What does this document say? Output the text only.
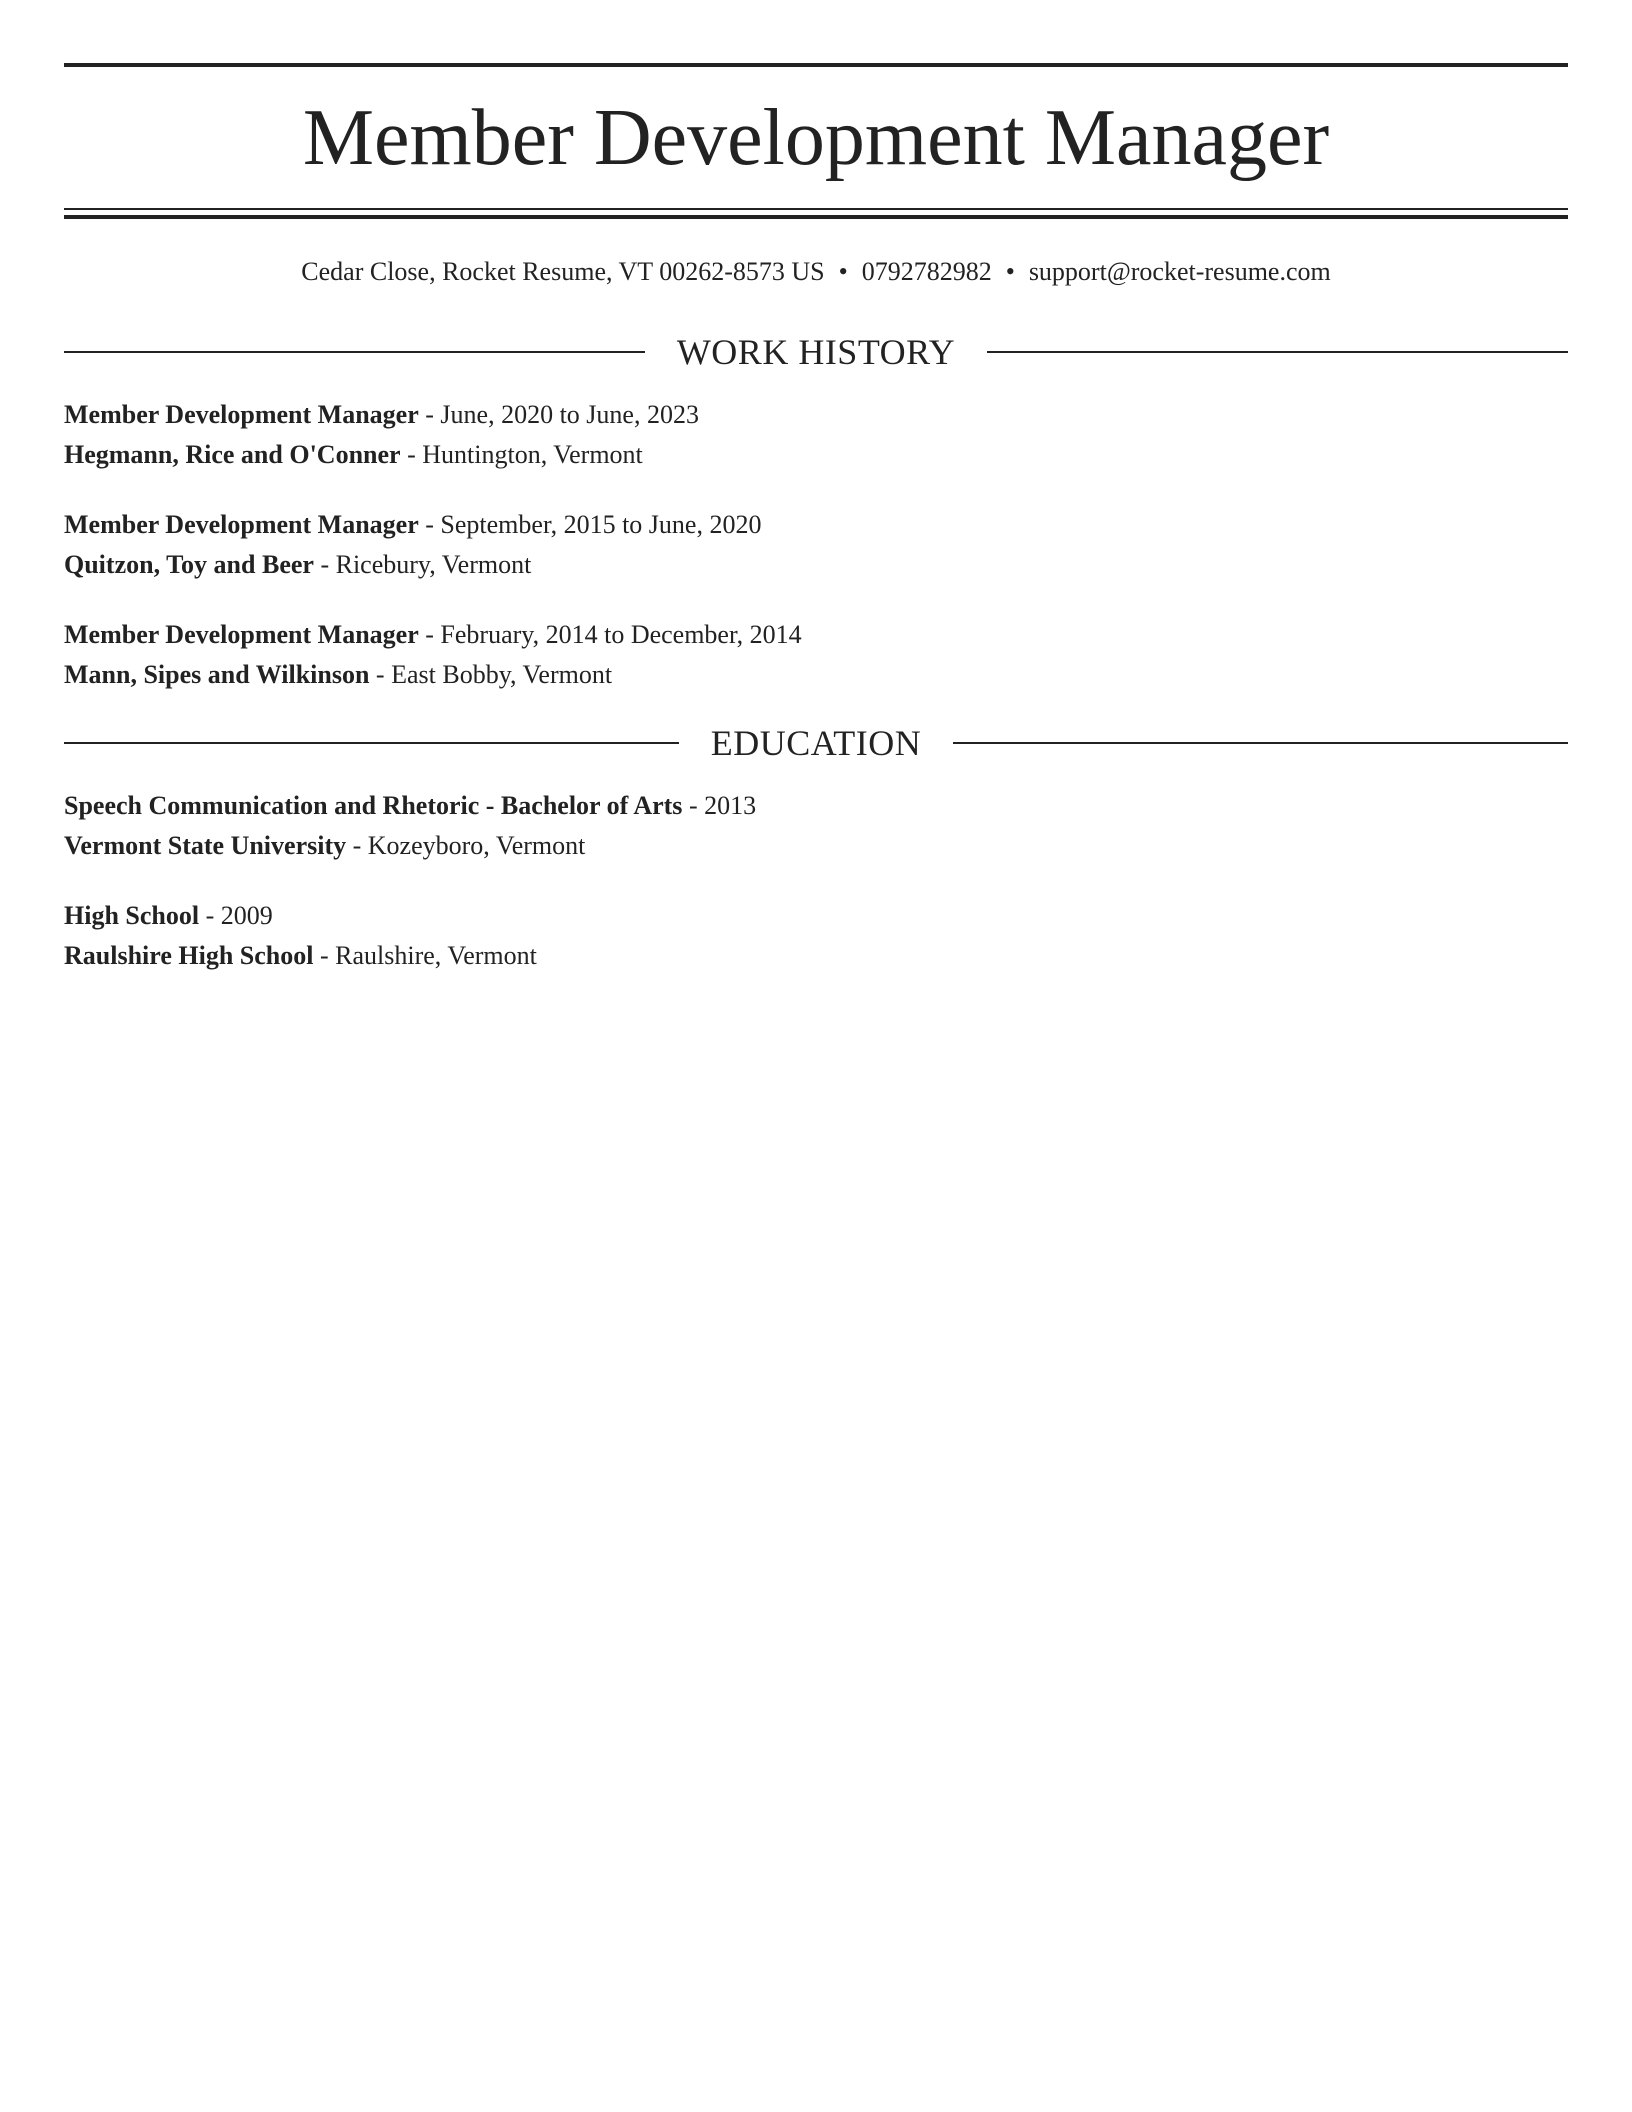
Member Development Manager
Cedar Close, Rocket Resume, VT 00262-8573 US • 0792782982 • support@rocket-resume.com
WORK HISTORY
Member Development Manager - June, 2020 to June, 2023
Hegmann, Rice and O'Conner - Huntington, Vermont
Member Development Manager - September, 2015 to June, 2020
Quitzon, Toy and Beer - Ricebury, Vermont
Member Development Manager - February, 2014 to December, 2014
Mann, Sipes and Wilkinson - East Bobby, Vermont
EDUCATION
Speech Communication and Rhetoric - Bachelor of Arts - 2013
Vermont State University - Kozeyboro, Vermont
High School - 2009
Raulshire High School - Raulshire, Vermont
